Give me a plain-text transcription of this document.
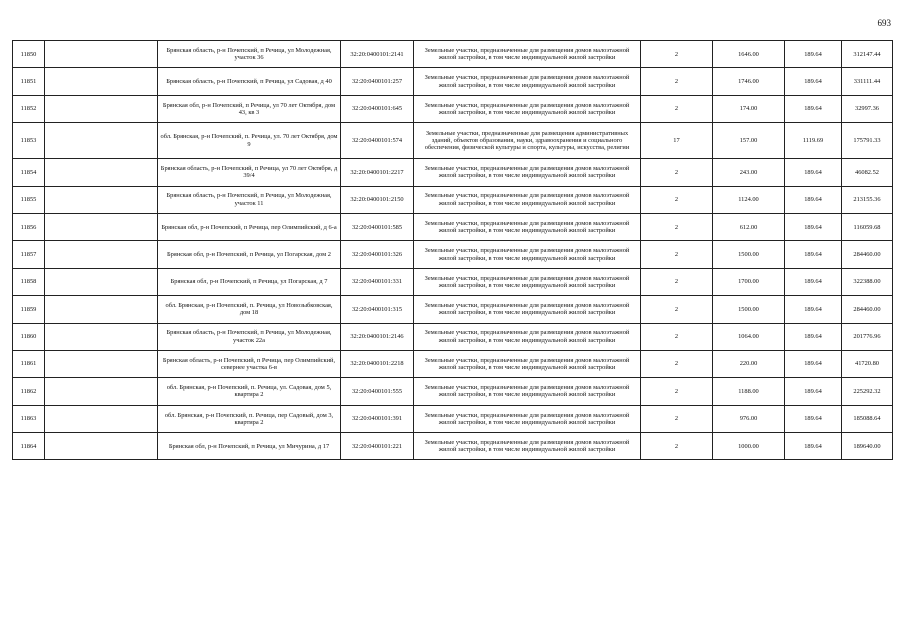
693
11850		Брянская область, р-н Почепский, п Речица, ул Молодежная, участок 36	32:20:0400101:2141	Земельные участки, предназначенные для размещения домов малоэтажной жилой застройки, в том числе индивидуальной жилой застройки	2	1646.00	189.64	312147.44
11851		Брянская область, р-н Почепский, п Речица, ул Садовая, д 40	32:20:0400101:257	Земельные участки, предназначенные для размещения домов малоэтажной жилой застройки, в том числе индивидуальной жилой застройки	2	1746.00	189.64	331111.44
11852		Брянская обл, р-н Почепский, п Речица, ул 70 лет Октября, дом 43, кв 3	32:20:0400101:645	Земельные участки, предназначенные для размещения домов малоэтажной жилой застройки, в том числе индивидуальной жилой застройки	2	174.00	189.64	32997.36
11853		обл. Брянская, р-н Почепский, п. Речица, ул. 70 лет Октября, дом 9	32:20:0400101:574	Земельные участки, предназначенные для размещения административных зданий, объектов образования, науки, здравоохранения и социального обеспечения, физической культуры и спорта, культуры, искусства, религии	17	157.00	1119.69	175791.33
11854		Брянская область, р-н Почепский, п Речица, ул 70 лет Октября, д 39/4	32:20:0400101:2217	Земельные участки, предназначенные для размещения домов малоэтажной жилой застройки, в том числе индивидуальной жилой застройки	2	243.00	189.64	46082.52
11855		Брянская область, р-н Почепский, п Речица, ул Молодежная, участок 11	32:20:0400101:2150	Земельные участки, предназначенные для размещения домов малоэтажной жилой застройки, в том числе индивидуальной жилой застройки	2	1124.00	189.64	213155.36
11856		Брянская обл, р-н Почепский, п Речица, пер Олимпийский, д 6-а	32:20:0400101:585	Земельные участки, предназначенные для размещения домов малоэтажной жилой застройки, в том числе индивидуальной жилой застройки	2	612.00	189.64	116059.68
11857		Брянская обл, р-н Почепский, п Речица, ул Погарская, дом 2	32:20:0400101:326	Земельные участки, предназначенные для размещения домов малоэтажной жилой застройки, в том числе индивидуальной жилой застройки	2	1500.00	189.64	284460.00
11858		Брянская обл, р-н Почепский, п Речица, ул Погарская, д 7	32:20:0400101:331	Земельные участки, предназначенные для размещения домов малоэтажной жилой застройки, в том числе индивидуальной жилой застройки	2	1700.00	189.64	322388.00
11859		обл. Брянская, р-н Почепский, п. Речица, ул Новозыбковская, дом 18	32:20:0400101:315	Земельные участки, предназначенные для размещения домов малоэтажной жилой застройки, в том числе индивидуальной жилой застройки	2	1500.00	189.64	284460.00
11860		Брянская область, р-н Почепский, п Речица, ул Молодежная, участок 22а	32:20:0400101:2146	Земельные участки, предназначенные для размещения домов малоэтажной жилой застройки, в том числе индивидуальной жилой застройки	2	1064.00	189.64	201776.96
11861		Брянская область, р-н Почепский, п Речица, пер Олимпийский, севернее участка 6-в	32:20:0400101:2218	Земельные участки, предназначенные для размещения домов малоэтажной жилой застройки, в том числе индивидуальной жилой застройки	2	220.00	189.64	41720.80
11862		обл. Брянская, р-н Почепский, п. Речица, ул. Садовая, дом 5, квартира 2	32:20:0400101:555	Земельные участки, предназначенные для размещения домов малоэтажной жилой застройки, в том числе индивидуальной жилой застройки	2	1188.00	189.64	225292.32
11863		обл. Брянская, р-н Почепский, п. Речица, пер Садовый, дом 3, квартира 2	32:20:0400101:391	Земельные участки, предназначенные для размещения домов малоэтажной жилой застройки, в том числе индивидуальной жилой застройки	2	976.00	189.64	185088.64
11864		Брянская обл, р-н Почепский, п Речица, ул Мичурина, д 17	32:20:0400101:221	Земельные участки, предназначенные для размещения домов малоэтажной жилой застройки, в том числе индивидуальной жилой застройки	2	1000.00	189.64	189640.00
